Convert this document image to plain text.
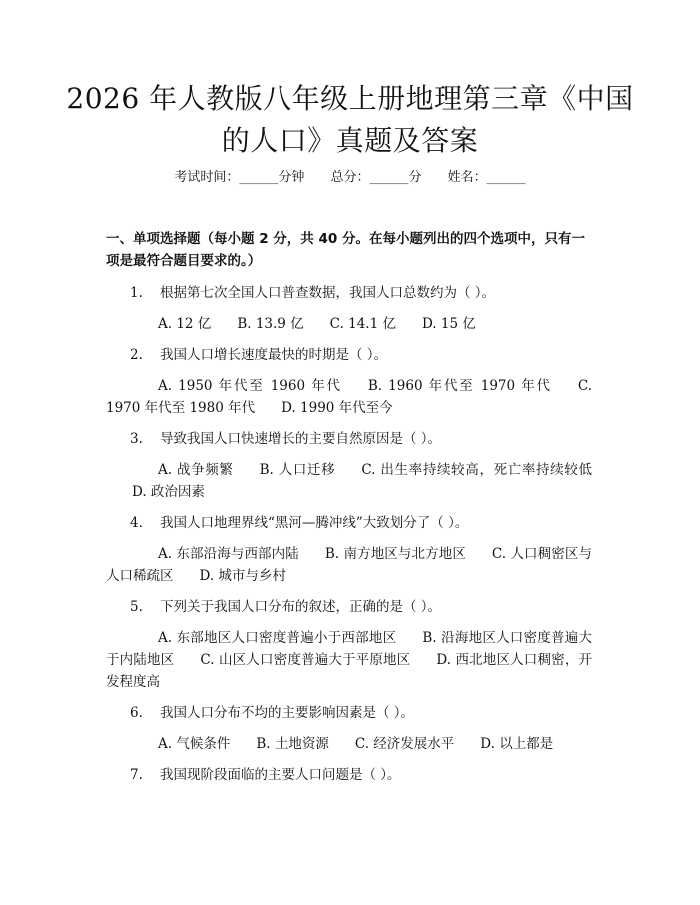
2026 年人教版八年级上册地理第三章《中国
的人口》真题及答案
考试时间：______分钟 总分：______分 姓名：______
一、单项选择题（每小题 2 分，共 40 分。在每小题列出的四个选项中，只有一项是最符合题目要求的。）
1. 根据第七次全国人口普查数据，我国人口总数约为（ ）。
A. 12 亿 B. 13.9 亿 C. 14.1 亿 D. 15 亿
2. 我国人口增长速度最快的时期是（ ）。
A. 1950 年代至 1960 年代 B. 1960 年代至 1970 年代 C. 1970 年代至 1980 年代 D. 1990 年代至今
3. 导致我国人口快速增长的主要自然原因是（ ）。
A. 战争频繁 B. 人口迁移 C. 出生率持续较高，死亡率持续较低D. 政治因素
4. 我国人口地理界线“黑河—腾冲线”大致划分了（ ）。
A. 东部沿海与西部内陆 B. 南方地区与北方地区 C. 人口稠密区与人口稀疏区 D. 城市与乡村
5. 下列关于我国人口分布的叙述，正确的是（ ）。
A. 东部地区人口密度普遍小于西部地区 B. 沿海地区人口密度普遍大于内陆地区 C. 山区人口密度普遍大于平原地区 D. 西北地区人口稠密，开发程度高
6. 我国人口分布不均的主要影响因素是（ ）。
A. 气候条件 B. 土地资源 C. 经济发展水平 D. 以上都是
7. 我国现阶段面临的主要人口问题是（ ）。
